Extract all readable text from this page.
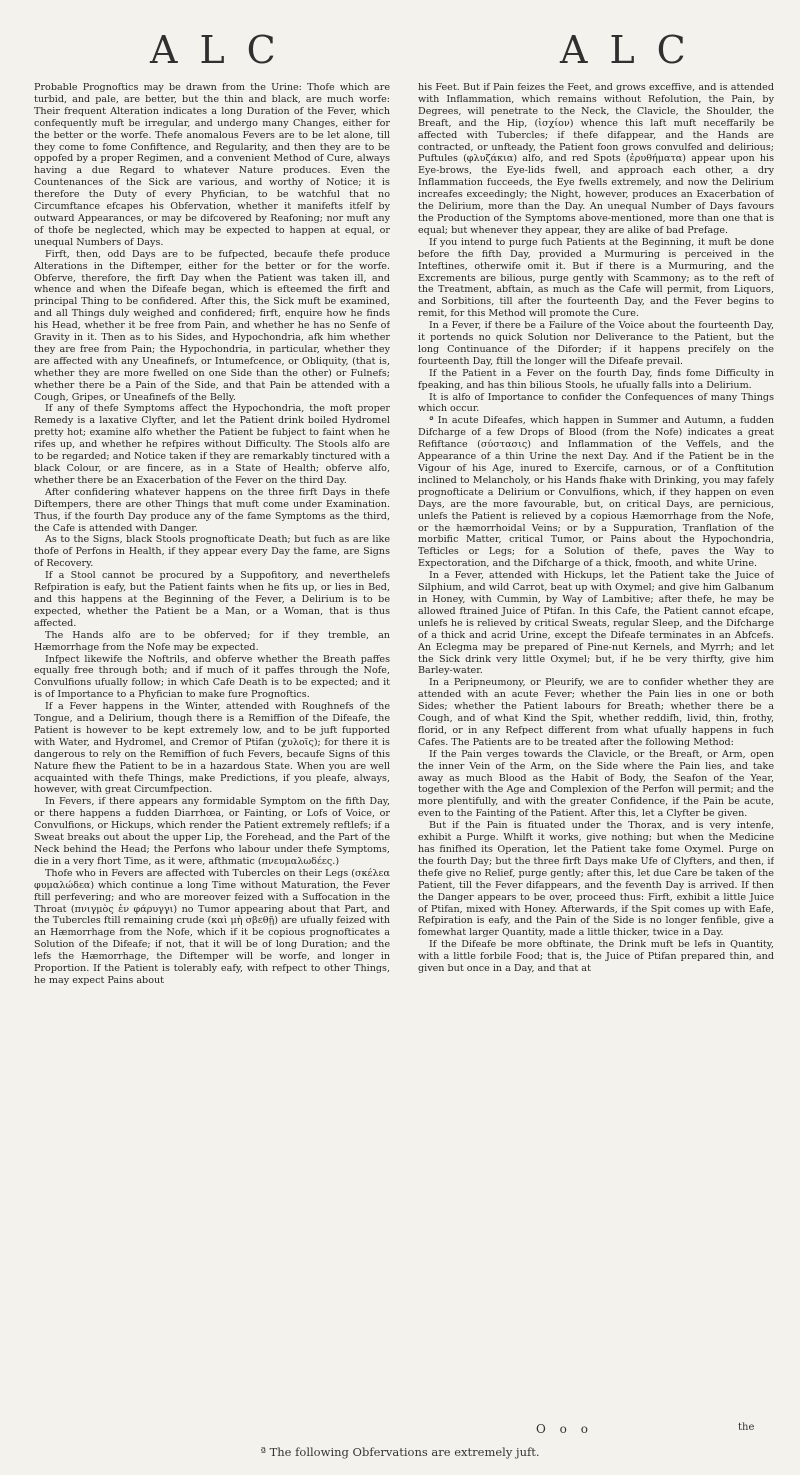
ALC	ALC

Probable Prognoftics may be drawn from the Urine: Thofe which are turbid, and pale, are better, but the thin and black, are much worfe: Their frequent Alteration indicates a long Duration of the Fever, which confequently muft be irregular, and undergo many Changes, either for the better or the worfe. Thefe anomalous Fevers are to be let alone, till they come to fome Confiftence, and Regularity, and then they are to be oppofed by a proper Regimen, and a convenient Method of Cure, always having a due Regard to whatever Nature produces. Even the Countenances of the Sick are various, and worthy of Notice; it is therefore the Duty of every Phyfician, to be watchful that no Circumftance efcapes his Obfervation, whether it manifefts itfelf by outward Appearances, or may be difcovered by Reafoning; nor muft any of thofe be neglected, which may be expected to happen at equal, or unequal Numbers of Days.

Firft, then, odd Days are to be fufpected, becaufe thefe produce Alterations in the Diftemper, either for the better or for the worfe. Obferve, therefore, the firft Day when the Patient was taken ill, and whence and when the Difeafe began, which is efteemed the firft and principal Thing to be confidered. After this, the Sick muft be examined, and all Things duly weighed and confidered; firft, enquire how he finds his Head, whether it be free from Pain, and whether he has no Senfe of Gravity in it. Then as to his Sides, and Hypochondria, afk him whether they are free from Pain; the Hypochondria, in particular, whether they are affected with any Uneafinefs, or Intumefcence, or Obliquity, (that is, whether they are more fwelled on one Side than the other) or Fulnefs; whether there be a Pain of the Side, and that Pain be attended with a Cough, Gripes, or Uneafinefs of the Belly.

If any of thefe Symptoms affect the Hypochondria, the moft proper Remedy is a laxative Clyfter, and let the Patient drink boiled Hydromel pretty hot; examine alfo whether the Patient be fubject to faint when he rifes up, and whether he refpires without Difficulty. The Stools alfo are to be regarded; and Notice taken if they are remarkably tinctured with a black Colour, or are fincere, as in a State of Health; obferve alfo, whether there be an Exacerbation of the Fever on the third Day.

After confidering whatever happens on the three firft Days in thefe Diftempers, there are other Things that muft come under Examination. Thus, if the fourth Day produce any of the fame Symptoms as the third, the Cafe is attended with Danger.

As to the Signs, black Stools prognofticate Death; but fuch as are like thofe of Perfons in Health, if they appear every Day the fame, are Signs of Recovery.

If a Stool cannot be procured by a Suppofitory, and neverthelefs Refpiration is eafy, but the Patient faints when he fits up, or lies in Bed, and this happens at the Beginning of the Fever, a Delirium is to be expected, whether the Patient be a Man, or a Woman, that is thus affected.

The Hands alfo are to be obferved; for if they tremble, an Hæmorrhage from the Nofe may be expected.

Infpect likewife the Noftrils, and obferve whether the Breath paffes equally free through both; and if much of it paffes through the Nofe, Convulfions ufually follow; in which Cafe Death is to be expected; and it is of Importance to a Phyfician to make fure Prognoftics.

If a Fever happens in the Winter, attended with Roughnefs of the Tongue, and a Delirium, though there is a Remiffion of the Difeafe, the Patient is however to be kept extremely low, and to be juft fupported with Water, and Hydromel, and Cremor of Ptifan (χυλοῖς); for there it is dangerous to rely on the Remiffion of fuch Fevers, becaufe Signs of this Nature fhew the Patient to be in a hazardous State. When you are well acquainted with thefe Things, make Predictions, if you pleafe, always, however, with great Circumfpection.

In Fevers, if there appears any formidable Symptom on the fifth Day, or there happens a fudden Diarrhœa, or Fainting, or Lofs of Voice, or Convulfions, or Hickups, which render the Patient extremely reftlefs; if a Sweat breaks out about the upper Lip, the Forehead, and the Part of the Neck behind the Head; the Perfons who labour under thefe Symptoms, die in a very fhort Time, as it were, afthmatic (πνευμαλωδέες.)

Thofe who in Fevers are affected with Tubercles on their Legs (σκέλεα φυμαλώδεα) which continue a long Time without Maturation, the Fever ftill perfevering; and who are moreover feized with a Suffocation in the Throat (πνιγμὸς ἐν φάρυγγι) no Tumor appearing about that Part, and the Tubercles ftill remaining crude (καὶ μὴ σβεθῇ) are ufually feized with an Hæmorrhage from the Nofe, which if it be copious prognofticates a Solution of the Difeafe; if not, that it will be of long Duration; and the lefs the Hæmorrhage, the Diftemper will be worfe, and longer in Proportion. If the Patient is tolerably eafy, with refpect to other Things, he may expect Pains about

his Feet. But if Pain feizes the Feet, and grows exceffive, and is attended with Inflammation, which remains without Refolution, the Pain, by Degrees, will penetrate to the Neck, the Clavicle, the Shoulder, the Breaft, and the Hip, (ἰσχίον) whence this laft muft neceffarily be affected with Tubercles; if thefe difappear, and the Hands are contracted, or unfteady, the Patient foon grows convulfed and delirious; Puftules (φλυζάκια) alfo, and red Spots (ἐρυθήματα) appear upon his Eye-brows, the Eye-lids fwell, and approach each other, a dry Inflammation fucceeds, the Eye fwells extremely, and now the Delirium increafes exceedingly; the Night, however, produces an Exacerbation of the Delirium, more than the Day. An unequal Number of Days favours the Production of the Symptoms above-mentioned, more than one that is equal; but whenever they appear, they are alike of bad Prefage.

If you intend to purge fuch Patients at the Beginning, it muft be done before the fifth Day, provided a Murmuring is perceived in the Inteftines, otherwife omit it. But if there is a Murmuring, and the Excrements are bilious, purge gently with Scammony; as to the reft of the Treatment, abftain, as much as the Cafe will permit, from Liquors, and Sorbitions, till after the fourteenth Day, and the Fever begins to remit, for this Method will promote the Cure.

In a Fever, if there be a Failure of the Voice about the fourteenth Day, it portends no quick Solution nor Deliverance to the Patient, but the long Continuance of the Diforder; if it happens precifely on the fourteenth Day, ftill the longer will the Difeafe prevail.

If the Patient in a Fever on the fourth Day, finds fome Difficulty in fpeaking, and has thin bilious Stools, he ufually falls into a Delirium.

It is alfo of Importance to confider the Confequences of many Things which occur.

ª In acute Difeafes, which happen in Summer and Autumn, a fudden Difcharge of a few Drops of Blood (from the Nofe) indicates a great Refiftance (σύστασις) and Inflammation of the Veffels, and the Appearance of a thin Urine the next Day. And if the Patient be in the Vigour of his Age, inured to Exercife, carnous, or of a Conftitution inclined to Melancholy, or his Hands fhake with Drinking, you may fafely prognofticate a Delirium or Convulfions, which, if they happen on even Days, are the more favourable, but, on critical Days, are pernicious, unlefs the Patient is relieved by a copious Hæmorrhage from the Nofe, or the hæmorrhoidal Veins; or by a Suppuration, Tranflation of the morbific Matter, critical Tumor, or Pains about the Hypochondria, Tefticles or Legs; for a Solution of thefe, paves the Way to Expectoration, and the Difcharge of a thick, fmooth, and white Urine.

In a Fever, attended with Hickups, let the Patient take the Juice of Silphium, and wild Carrot, beat up with Oxymel; and give him Galbanum in Honey, with Cummin, by Way of Lambitive; after thefe, he may be allowed ftrained Juice of Ptifan. In this Cafe, the Patient cannot efcape, unlefs he is relieved by critical Sweats, regular Sleep, and the Difcharge of a thick and acrid Urine, except the Difeafe terminates in an Abfcefs. An Eclegma may be prepared of Pine-nut Kernels, and Myrrh; and let the Sick drink very little Oxymel; but, if he be very thirfty, give him Barley-water.

In a Peripneumony, or Pleurify, we are to confider whether they are attended with an acute Fever; whether the Pain lies in one or both Sides; whether the Patient labours for Breath; whether there be a Cough, and of what Kind the Spit, whether reddifh, livid, thin, frothy, florid, or in any Refpect different from what ufually happens in fuch Cafes. The Patients are to be treated after the following Method:

If the Pain verges towards the Clavicle, or the Breaft, or Arm, open the inner Vein of the Arm, on the Side where the Pain lies, and take away as much Blood as the Habit of Body, the Seafon of the Year, together with the Age and Complexion of the Perfon will permit; and the more plentifully, and with the greater Confidence, if the Pain be acute, even to the Fainting of the Patient. After this, let a Clyfter be given.

But if the Pain is fituated under the Thorax, and is very intenfe, exhibit a Purge. Whilft it works, give nothing; but when the Medicine has finifhed its Operation, let the Patient take fome Oxymel. Purge on the fourth Day; but the three firft Days make Ufe of Clyfters, and then, if thefe give no Relief, purge gently; after this, let due Care be taken of the Patient, till the Fever difappears, and the feventh Day is arrived. If then the Danger appears to be over, proceed thus: Firft, exhibit a little Juice of Ptifan, mixed with Honey. Afterwards, if the Spit comes up with Eafe, Refpiration is eafy, and the Pain of the Side is no longer fenfible, give a fomewhat larger Quantity, made a little thicker, twice in a Day.

If the Difeafe be more obftinate, the Drink muft be lefs in Quantity, with a little forbile Food; that is, the Juice of Ptifan prepared thin, and given but once in a Day, and that at

O o o	the
ª The following Obfervations are extremely juft.
